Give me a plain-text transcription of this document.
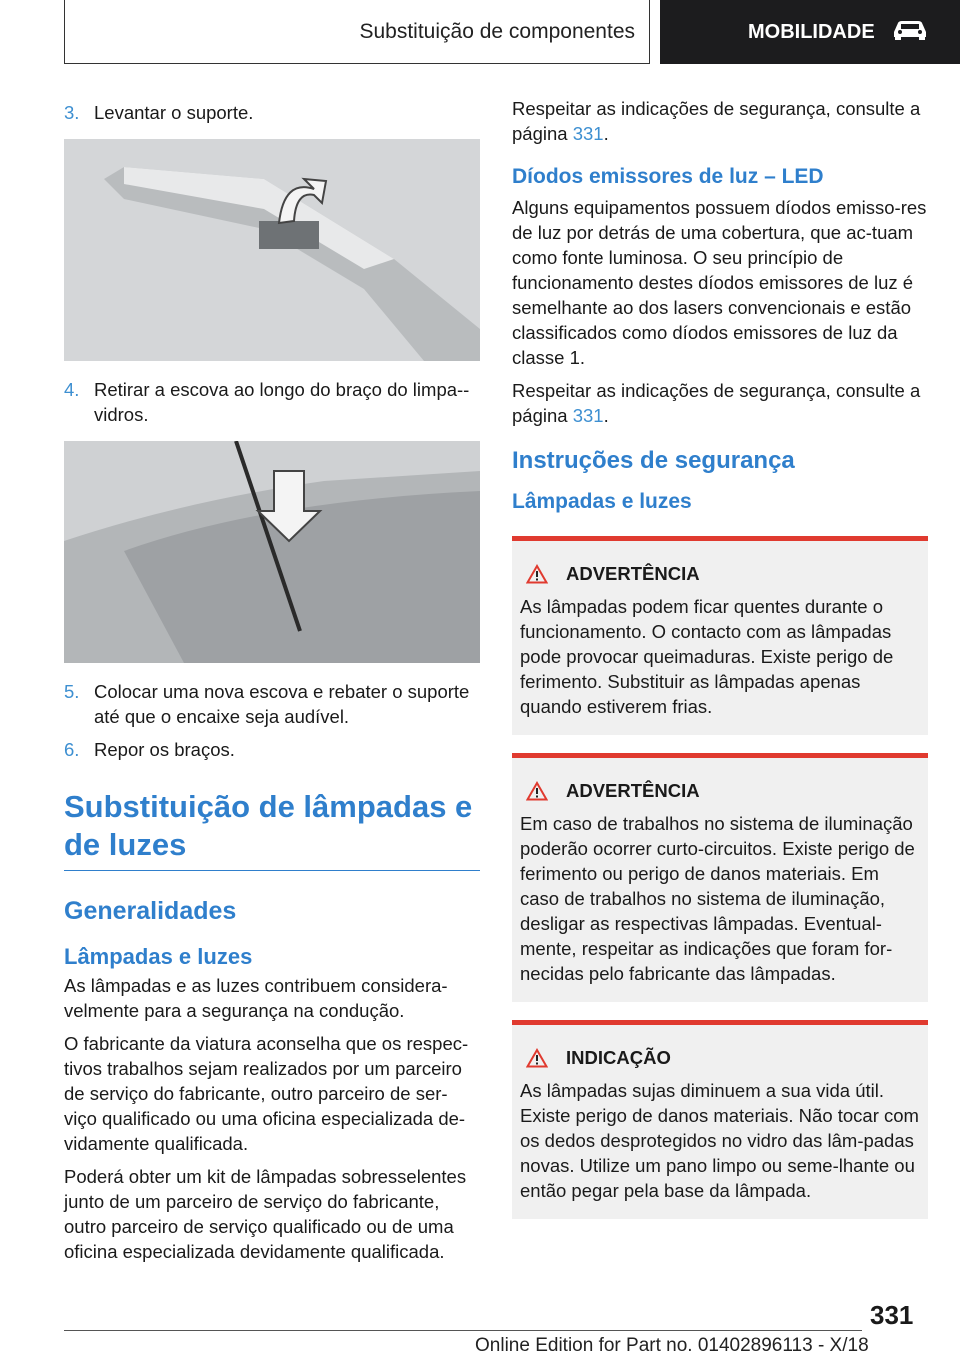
Substituição de componentes	MOBILIDADE
3. Levantar o suporte.
4. Retirar a escova ao longo do braço do limpa--vidros.
5. Colocar uma nova escova e rebater o suporte até que o encaixe seja audível.
6. Repor os braços.
Substituição de lâmpadas e de luzes
Generalidades
Lâmpadas e luzes

As lâmpadas e as luzes contribuem considera-velmente para a segurança na condução.

O fabricante da viatura aconselha que os respec-tivos trabalhos sejam realizados por um parceiro de serviço do fabricante, outro parceiro de ser-viço qualificado ou uma oficina especializada de-vidamente qualificada.

Poderá obter um kit de lâmpadas sobresselentes junto de um parceiro de serviço do fabricante, outro parceiro de serviço qualificado ou de uma oficina especializada devidamente qualificada.

Respeitar as indicações de segurança, consulte a página 331.

Díodos emissores de luz – LED

Alguns equipamentos possuem díodos emisso-res de luz por detrás de uma cobertura, que ac-tuam como fonte luminosa. O seu princípio de funcionamento destes díodos emissores de luz é semelhante ao dos lasers convencionais e estão classificados como díodos emissores de luz da classe 1.

Respeitar as indicações de segurança, consulte a página 331.

Instruções de segurança
Lâmpadas e luzes
ADVERTÊNCIA
As lâmpadas podem ficar quentes durante o funcionamento. O contacto com as lâmpadas pode provocar queimaduras. Existe perigo de ferimento. Substituir as lâmpadas apenas quando estiverem frias.
ADVERTÊNCIA
Em caso de trabalhos no sistema de iluminação poderão ocorrer curto-circuitos. Existe perigo de ferimento ou perigo de danos materiais. Em caso de trabalhos no sistema de iluminação, desligar as respectivas lâmpadas. Eventual-mente, respeitar as indicações que foram for-necidas pelo fabricante das lâmpadas.
INDICAÇÃO
As lâmpadas sujas diminuem a sua vida útil. Existe perigo de danos materiais. Não tocar com os dedos desprotegidos no vidro das lâm-padas novas. Utilize um pano limpo ou seme-lhante ou então pegar pela base da lâmpada.
331
Online Edition for Part no. 01402896113 - X/18
